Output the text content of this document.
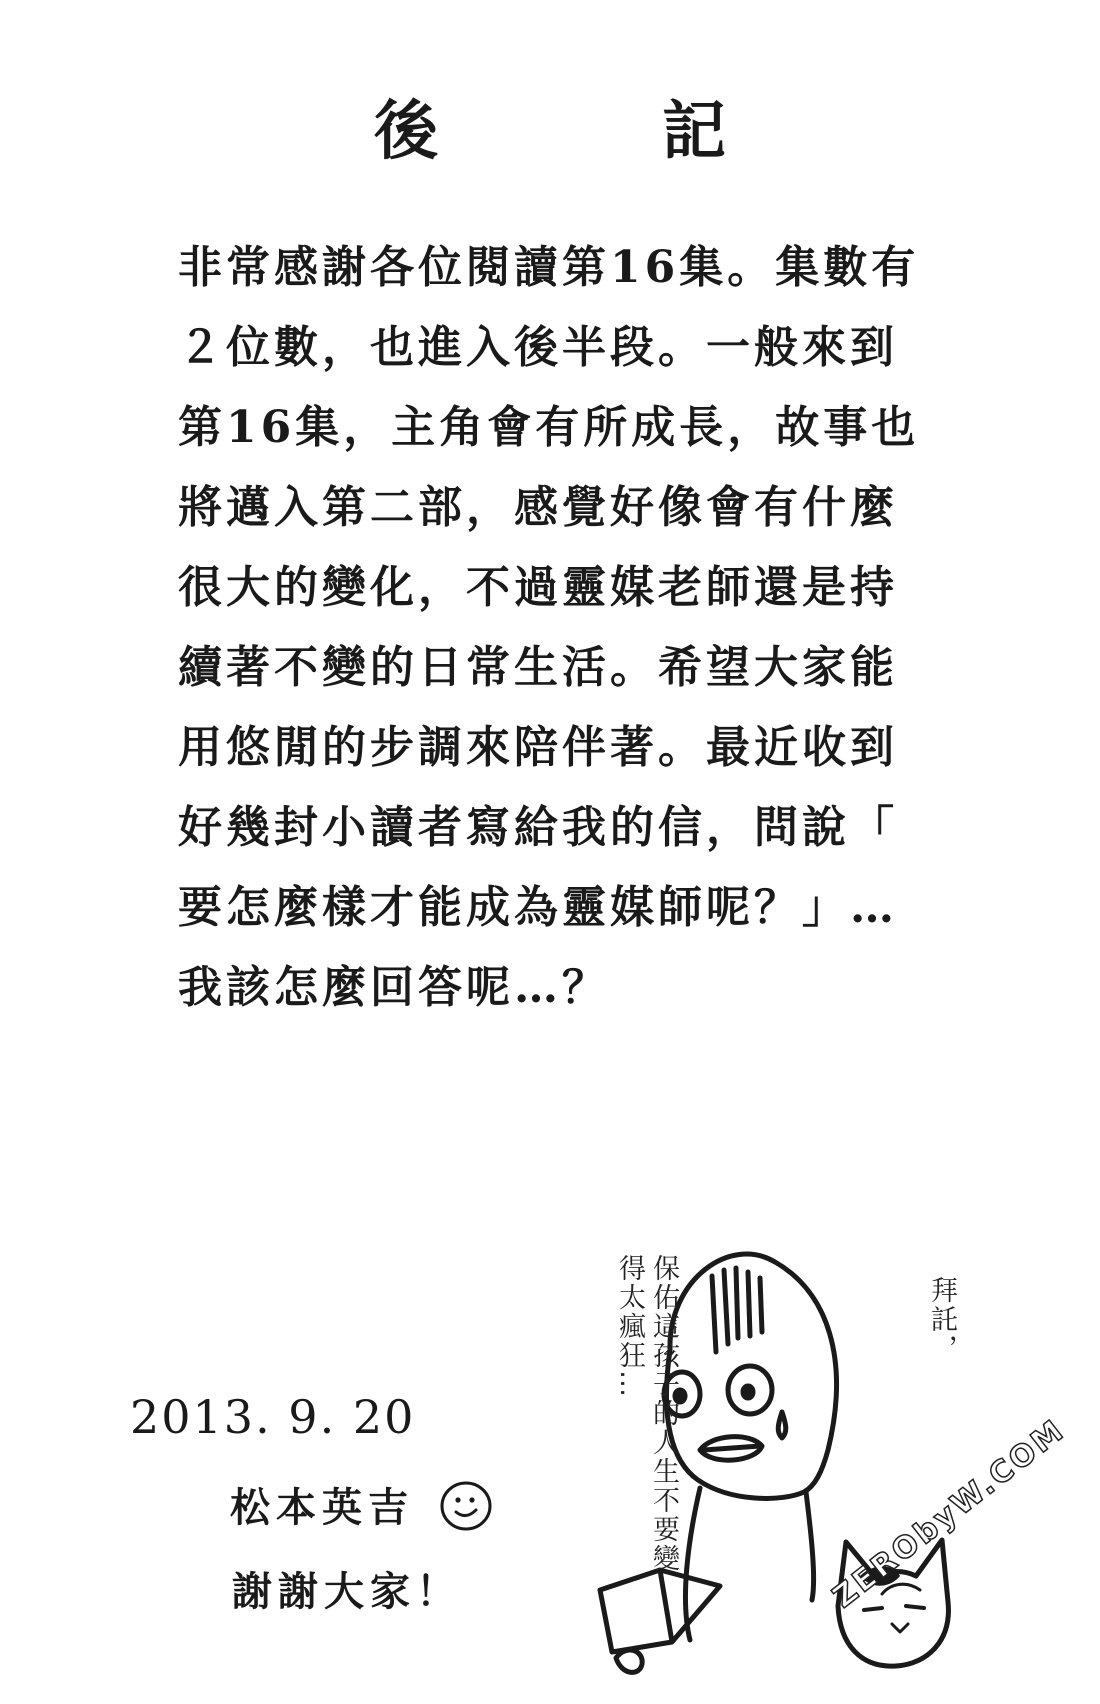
後　記
非常感謝各位閱讀第16集。集數有
２位數，也進入後半段。一般來到
第16集，主角會有所成長，故事也
將邁入第二部，感覺好像會有什麼
很大的變化，不過靈媒老師還是持
續著不變的日常生活。希望大家能
用悠閒的步調來陪伴著。最近收到
好幾封小讀者寫給我的信，問說「
要怎麼樣才能成為靈媒師呢？」…
我該怎麼回答呢…？
2013. 9. 20
松本英吉
謝謝大家！
保佑這孩子的人生不要變得太瘋狂…	拜託，
ZERObyW.COM
